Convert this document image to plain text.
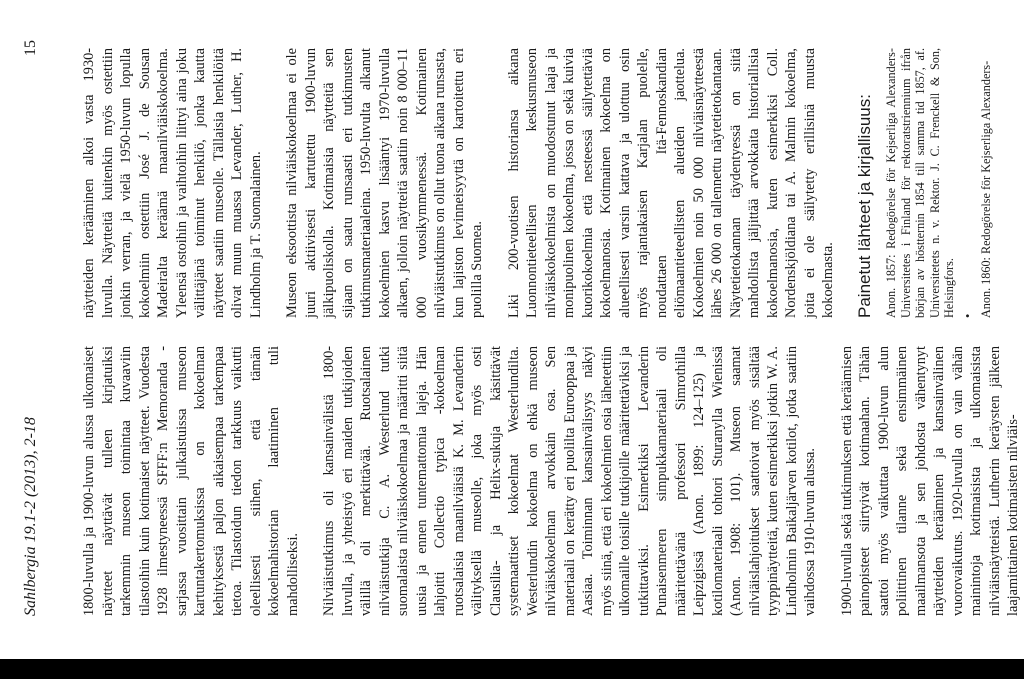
Sahlbergia 19.1-2 (2013), 2-18
15

1800-luvulla ja 1900-luvun alussa ulkomaiset näytteet näyttävät tulleen kirjatuiksi tarkemmin museon toimintaa kuvaaviin tilastoihin kuin kotimaiset näytteet. Vuodesta 1928 ilmestyneessä SFFF:n Memoranda -sarjassa vuosittain julkaistuissa museon kartuntakertomuksissa on kokoelman kehityksestä paljon aikaisempaa tarkempaa tietoa. Tilastoidun tiedon tarkkuus vaikutti oleellisesti siihen, että tämän kokoelmahistorian laatiminen tuli mahdolliseksi. Nilviäistutkimus oli kansainvälistä 1800-luvulla, ja yhteistyö eri maiden tutkijoiden välillä oli merkittävää. Ruotsalainen nilviäistutkija C. A. Westerlund tutki suomalaista nilviäiskokoelmaa ja määritti siitä uusia ja ennen tuntemattomia lajeja. Hän lahjoitti Collectio typica -kokoelman ruotsalaisia maanilviäisiä K. M. Levanderin välityksellä museolle, joka myös osti Clausilia- ja Helix-sukuja käsittävät systemaattiset kokoelmat Westerlundilta. Westerlundin kokoelma on ehkä museon nilviäiskokoelman arvokkain osa. Sen materiaali on kerätty eri puolilta Eurooppaa ja Aasiaa. Toiminnan kansainvälisyys näkyi myös siinä, että eri kokoelmien osia lähetettiin ulkomaille toisille tutkijoille määritettäviksi ja tutkittaviksi. Esimerkiksi Levanderin Punaisenmeren simpukkamateriaali oli määritettävänä professori Simrothilla Leipzigissä (Anon. 1899: 124–125) ja kotilomateriaali tohtori Sturanylla Wienissä (Anon. 1908: 101). Museon saamat nilviäislahjoitukset saattoivat myös sisältää tyyppinäytteitä, kuten esimerkiksi jotkin W. A. Lindholmin Baikaljärven kotilot, jotka saatiin vaihdossa 1910-luvun alussa. 1900-luvulla sekä tutkimuksen että keräämisen painopisteet siirtyivät kotimaahan. Tähän saattoi myös vaikuttaa 1900-luvun alun poliittinen tilanne sekä ensimmäinen maailmansota ja sen johdosta vähentynyt näytteiden kerääminen ja kansainvälinen vuorovaikutus. 1920-luvulla on vain vähän mainintoja kotimaisista ja ulkomaisista nilviäisnäytteistä. Lutherin keräysten jälkeen laajamittainen kotimaisten nilviäis-

näytteiden kerääminen alkoi vasta 1930-luvulla. Näytteitä kuitenkin myös ostettiin jonkin verran, ja vielä 1950-luvun lopulla kokoelmiin ostettiin José J. de Sousan Madeiralta keräämä maanilviäiskokoelma. Yleensä ostoihin ja vaihtoihin liittyi aina joku välittäjänä toiminut henkilö, jonka kautta näytteet saatiin museolle. Tällaisia henkilöitä olivat muun muassa Levander, Luther, H. Lindholm ja T. Suomalainen. Museon eksoottista nilviäiskokoelmaa ei ole juuri aktiivisesti kartutettu 1900-luvun jälkipuoliskolla. Kotimaisia näytteitä sen sijaan on saatu runsaasti eri tutkimusten tutkimusmateriaaleina. 1950-luvulta alkanut kokoelmien kasvu lisääntyi 1970-luvulla alkaen, jolloin näytteitä saatiin noin 8 000–11 000 vuosikymmenessä. Kotimainen nilviäistutkimus on ollut tuona aikana runsasta, kun lajiston levinneisyyttä on kartoitettu eri puolilla Suomea. Liki 200-vuotisen historiansa aikana Luonnontieteellisen keskusmuseon nilviäiskokoelmista on muodostunut laaja ja monipuolinen kokoelma, jossa on sekä kuivia kuorikokoelmia että nesteessä säilytettäviä kokoelmanosia. Kotimainen kokoelma on alueellisesti varsin kattava ja ulottuu osin myös rajantakaisen Karjalan puolelle, noudattaen Itä-Fennoskandian eliömaantieteellisten alueiden jaottelua. Kokoelmien noin 50 000 nilviäisnäytteestä lähes 26 000 on tallennettu näytetietokantaan. Näytetietokannan täydentyessä on siitä mahdollista jäljittää arvokkaita historiallisia kokoelmanosia, kuten esimerkiksi Coll. Nordenskjöldiana tai A. Malmin kokoelma, joita ei ole säilytetty erillisinä muusta kokoelmasta. Painetut lähteet ja kirjallisuus: Anon. 1857: Redogörelse för Kejserliga Alexanders-Universitetes i Finland för rektoratstriennium ifrån början av höstternin 1854 till samma tid 1857, af. Universitetets n. v. Rektor. J. C. Frenckell & Son, Helsingfors. • Anon. 1860: Redogörelse för Kejserliga Alexanders-
